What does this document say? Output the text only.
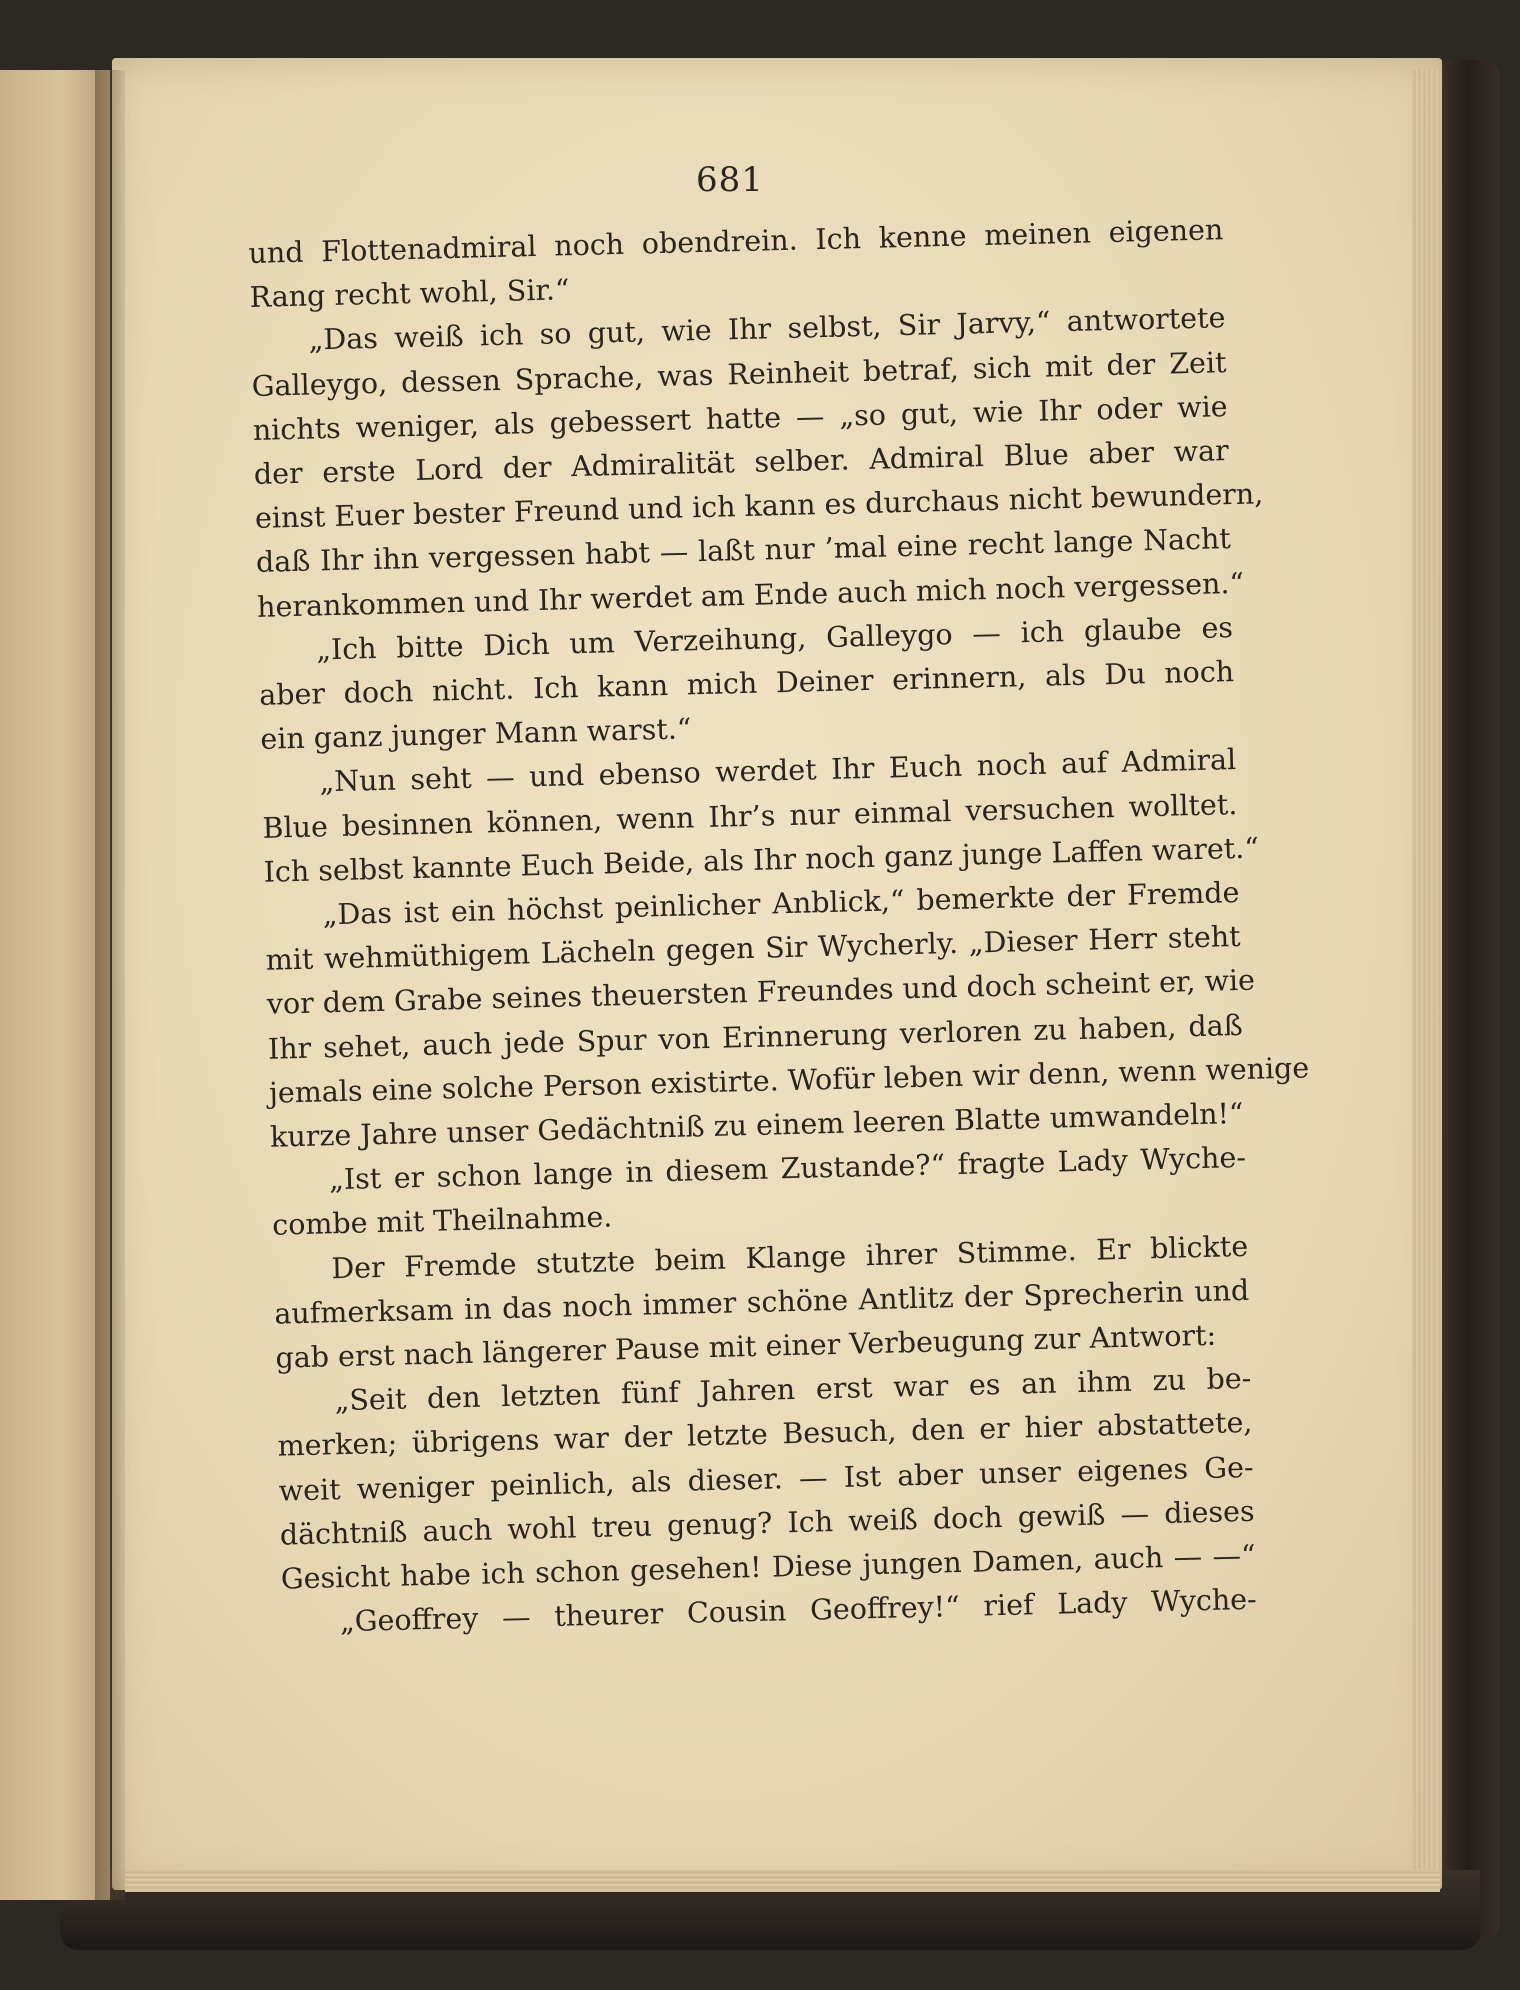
681
und Flottenadmiral noch obendrein. Ich kenne meinen eigenen
Rang recht wohl, Sir.“
„Das weiß ich so gut, wie Ihr selbst, Sir Jarvy,“ antwortete
Galleygo, dessen Sprache, was Reinheit betraf, sich mit der Zeit
nichts weniger, als gebessert hatte — „so gut, wie Ihr oder wie
der erste Lord der Admiralität selber. Admiral Blue aber war
einst Euer bester Freund und ich kann es durchaus nicht bewundern,
daß Ihr ihn vergessen habt — laßt nur ’mal eine recht lange Nacht
herankommen und Ihr werdet am Ende auch mich noch vergessen.“
„Ich bitte Dich um Verzeihung, Galleygo — ich glaube es
aber doch nicht. Ich kann mich Deiner erinnern, als Du noch
ein ganz junger Mann warst.“
„Nun seht — und ebenso werdet Ihr Euch noch auf Admiral
Blue besinnen können, wenn Ihr’s nur einmal versuchen wolltet.
Ich selbst kannte Euch Beide, als Ihr noch ganz junge Laffen waret.“
„Das ist ein höchst peinlicher Anblick,“ bemerkte der Fremde
mit wehmüthigem Lächeln gegen Sir Wycherly. „Dieser Herr steht
vor dem Grabe seines theuersten Freundes und doch scheint er, wie
Ihr sehet, auch jede Spur von Erinnerung verloren zu haben, daß
jemals eine solche Person existirte. Wofür leben wir denn, wenn wenige
kurze Jahre unser Gedächtniß zu einem leeren Blatte umwandeln!“
„Ist er schon lange in diesem Zustande?“ fragte Lady Wyche-
combe mit Theilnahme.
Der Fremde stutzte beim Klange ihrer Stimme. Er blickte
aufmerksam in das noch immer schöne Antlitz der Sprecherin und
gab erst nach längerer Pause mit einer Verbeugung zur Antwort:
„Seit den letzten fünf Jahren erst war es an ihm zu be-
merken; übrigens war der letzte Besuch, den er hier abstattete,
weit weniger peinlich, als dieser. — Ist aber unser eigenes Ge-
dächtniß auch wohl treu genug? Ich weiß doch gewiß — dieses
Gesicht habe ich schon gesehen! Diese jungen Damen, auch — —“
„Geoffrey — theurer Cousin Geoffrey!“ rief Lady Wyche-
